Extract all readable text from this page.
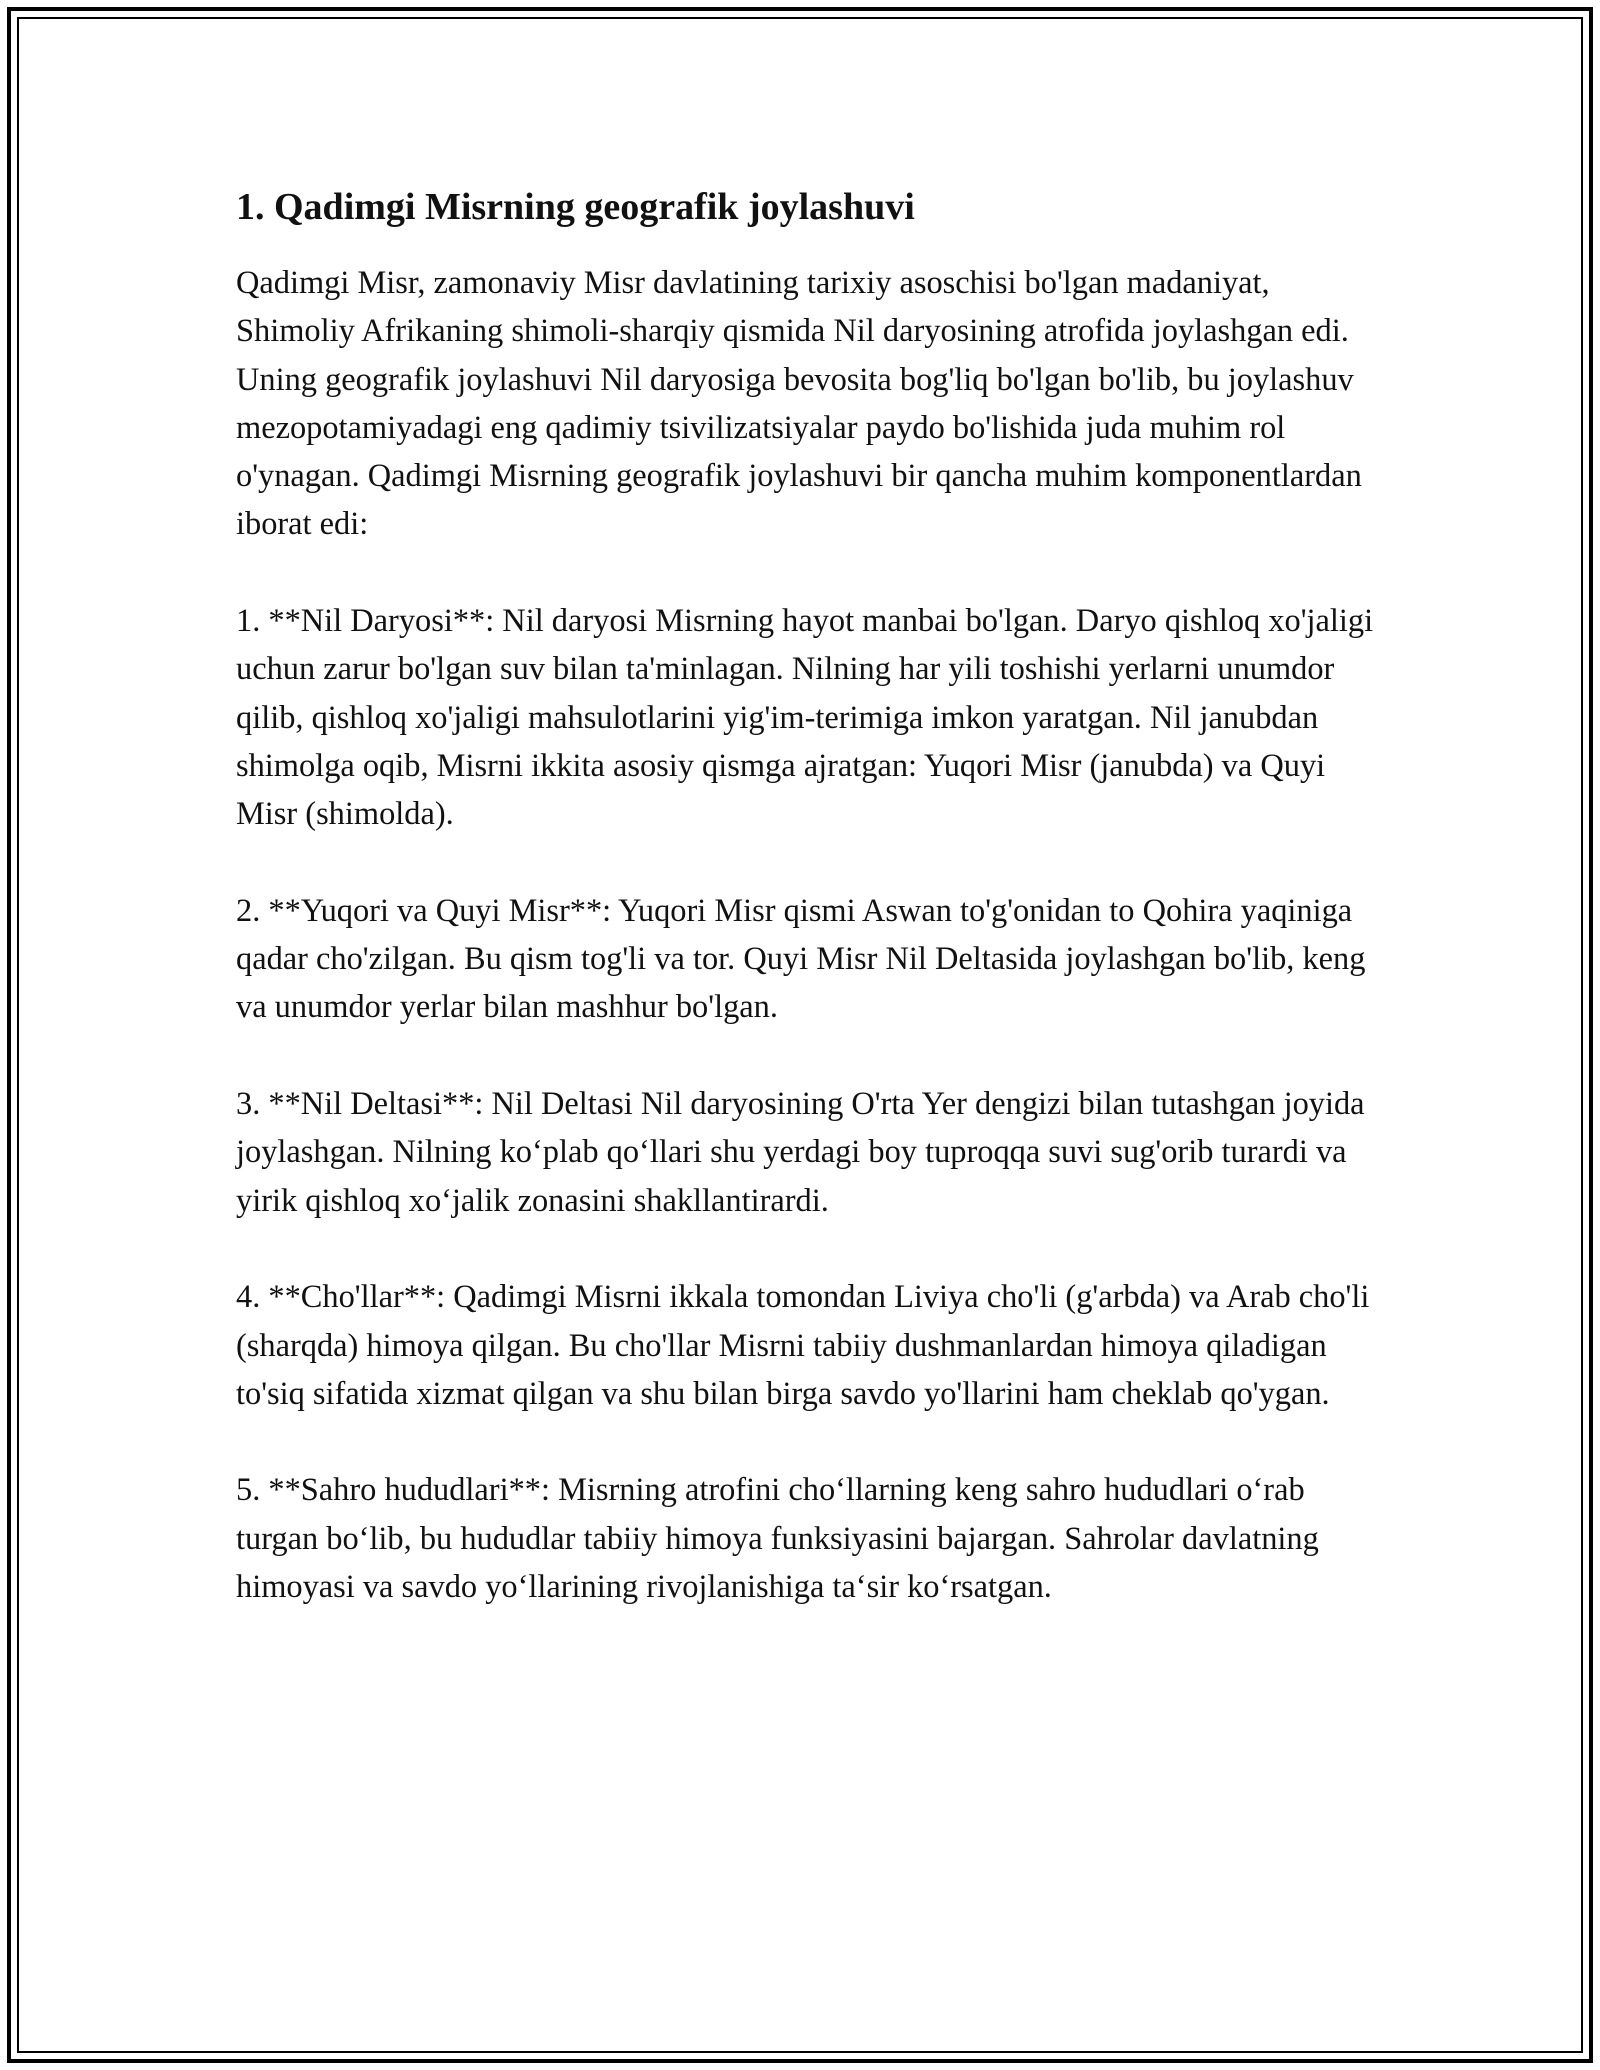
1. Qadimgi Misrning geografik joylashuvi

Qadimgi Misr, zamonaviy Misr davlatining tarixiy asoschisi bo'lgan madaniyat, Shimoliy Afrikaning shimoli-sharqiy qismida Nil daryosining atrofida joylashgan edi. Uning geografik joylashuvi Nil daryosiga bevosita bog'liq bo'lgan bo'lib, bu joylashuv mezopotamiyadagi eng qadimiy tsivilizatsiyalar paydo bo'lishida juda muhim rol o'ynagan. Qadimgi Misrning geografik joylashuvi bir qancha muhim komponentlardan iborat edi:

1. **Nil Daryosi**: Nil daryosi Misrning hayot manbai bo'lgan. Daryo qishloq xo'jaligi uchun zarur bo'lgan suv bilan ta'minlagan. Nilning har yili toshishi yerlarni unumdor qilib, qishloq xo'jaligi mahsulotlarini yig'im-terimiga imkon yaratgan. Nil janubdan shimolga oqib, Misrni ikkita asosiy qismga ajratgan: Yuqori Misr (janubda) va Quyi Misr (shimolda).

2. **Yuqori va Quyi Misr**: Yuqori Misr qismi Aswan to'g'onidan to Qohira yaqiniga qadar cho'zilgan. Bu qism tog'li va tor. Quyi Misr Nil Deltasida joylashgan bo'lib, keng va unumdor yerlar bilan mashhur bo'lgan.

3. **Nil Deltasi**: Nil Deltasi Nil daryosining O'rta Yer dengizi bilan tutashgan joyida joylashgan. Nilning ko‘plab qo‘llari shu yerdagi boy tuproqqa suvi sug'orib turardi va yirik qishloq xo‘jalik zonasini shakllantirardi.

4. **Cho'llar**: Qadimgi Misrni ikkala tomondan Liviya cho'li (g'arbda) va Arab cho'li (sharqda) himoya qilgan. Bu cho'llar Misrni tabiiy dushmanlardan himoya qiladigan to'siq sifatida xizmat qilgan va shu bilan birga savdo yo'llarini ham cheklab qo'ygan.

5. **Sahro hududlari**: Misrning atrofini cho‘llarning keng sahro hududlari o‘rab turgan bo‘lib, bu hududlar tabiiy himoya funksiyasini bajargan. Sahrolar davlatning himoyasi va savdo yo‘llarining rivojlanishiga ta‘sir ko‘rsatgan.
